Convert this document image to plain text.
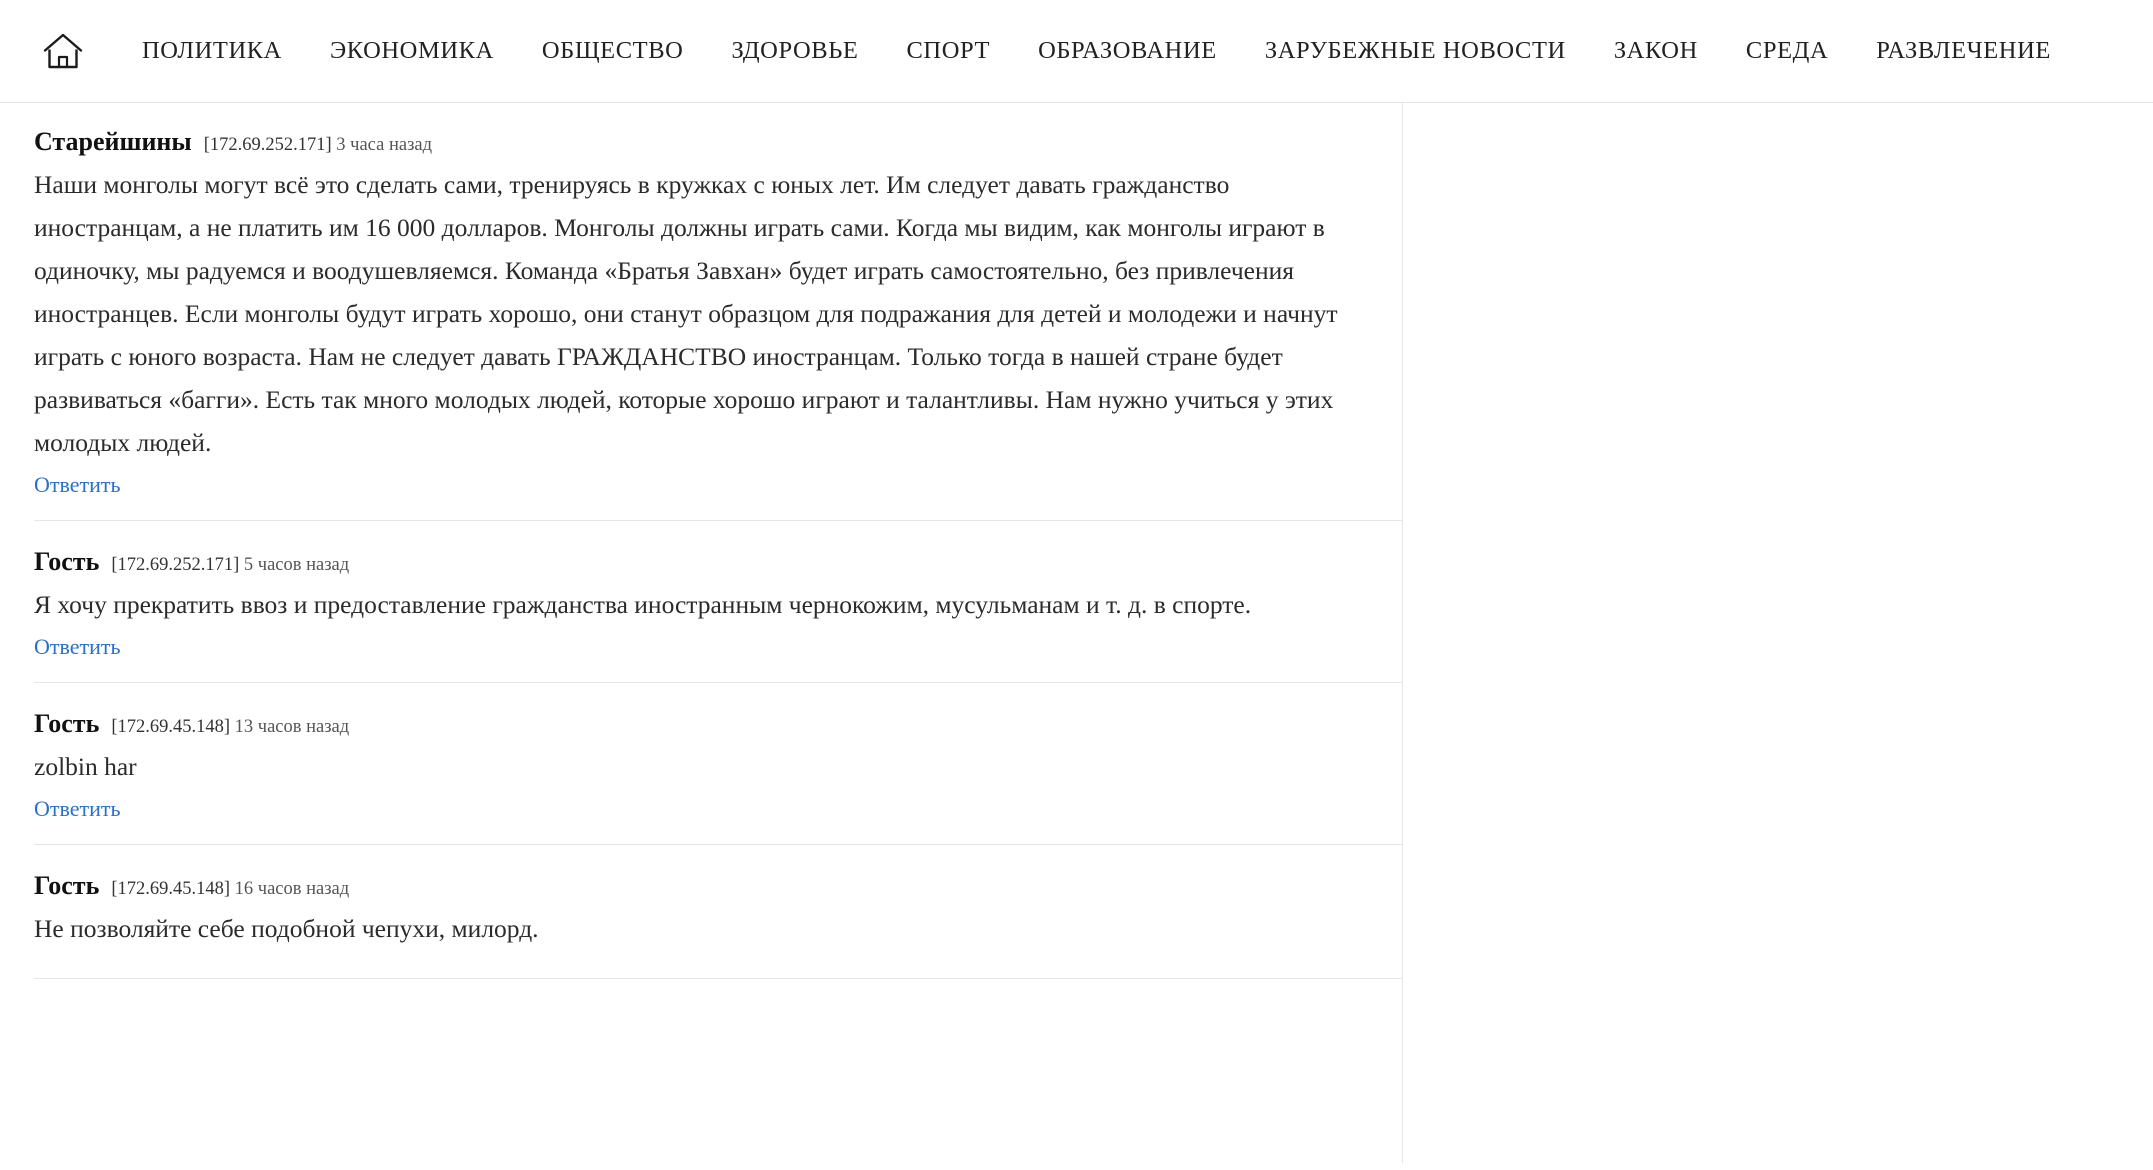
ПОЛИТИКА	ЭКОНОМИКА	ОБЩЕСТВО	ЗДОРОВЬЕ	СПОРТ	ОБРАЗОВАНИЕ	ЗАРУБЕЖНЫЕ НОВОСТИ	ЗАКОН	СРЕДА	РАЗВЛЕЧЕНИЕ
Старейшины [172.69.252.171] 3 часа назад

Наши монголы могут всё это сделать сами, тренируясь в кружках с юных лет. Им следует давать гражданство иностранцам, а не платить им 16 000 долларов. Монголы должны играть сами. Когда мы видим, как монголы играют в одиночку, мы радуемся и воодушевляемся. Команда «Братья Завхан» будет играть самостоятельно, без привлечения иностранцев. Если монголы будут играть хорошо, они станут образцом для подражания для детей и молодежи и начнут играть с юного возраста. Нам не следует давать ГРАЖДАНСТВО иностранцам. Только тогда в нашей стране будет развиваться «багги». Есть так много молодых людей, которые хорошо играют и талантливы. Нам нужно учиться у этих молодых людей.

Ответить
Гость [172.69.252.171] 5 часов назад

Я хочу прекратить ввоз и предоставление гражданства иностранным чернокожим, мусульманам и т. д. в спорте.

Ответить
Гость [172.69.45.148] 13 часов назад

zolbin har

Ответить
Гость [172.69.45.148] 16 часов назад

Не позволяйте себе подобной чепухи, милорд.
